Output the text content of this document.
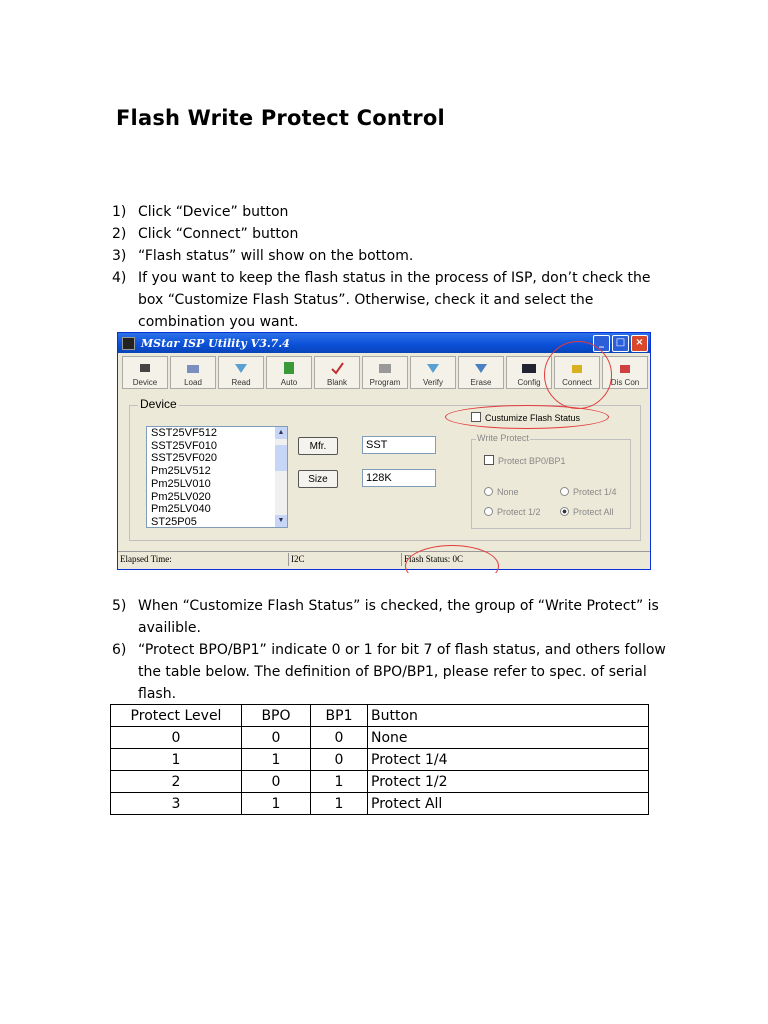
Flash Write Protect Control
1) Click “Device” button
2) Click “Connect” button
3) “Flash status” will show on the bottom.
4) If you want to keep the flash status in the process of ISP, don’t check the box “Customize Flash Status”. Otherwise, check it and select the combination you want.
MStar ISP Utility V3.7.4	_	□	×
Device	Load	Read	Auto	Blank	Program	Verify	Erase	Config	Connect Dis Con
Device
SST25VF512
SST25VF010
SST25VF020
Pm25LV512
Pm25LV010
Pm25LV020
Pm25LV040
ST25P05
▲
▼
Mfr.	SST
Size	128K
Custumize Flash Status
Write Protect
Protect BP0/BP1
None	Protect 1/4
Protect 1/2	Protect All
Elapsed Time:	I2C	Flash Status: 0C
5) When “Customize Flash Status” is checked, the group of “Write Protect” is availible.
6) “Protect BPO/BP1” indicate 0 or 1 for bit 7 of flash status, and others follow the table below. The definition of BPO/BP1, please refer to spec. of serial flash.
Protect Level	BPO	BP1	Button
0	0	0	None
1	1	0	Protect 1/4
2	0	1	Protect 1/2
3	1	1	Protect All
